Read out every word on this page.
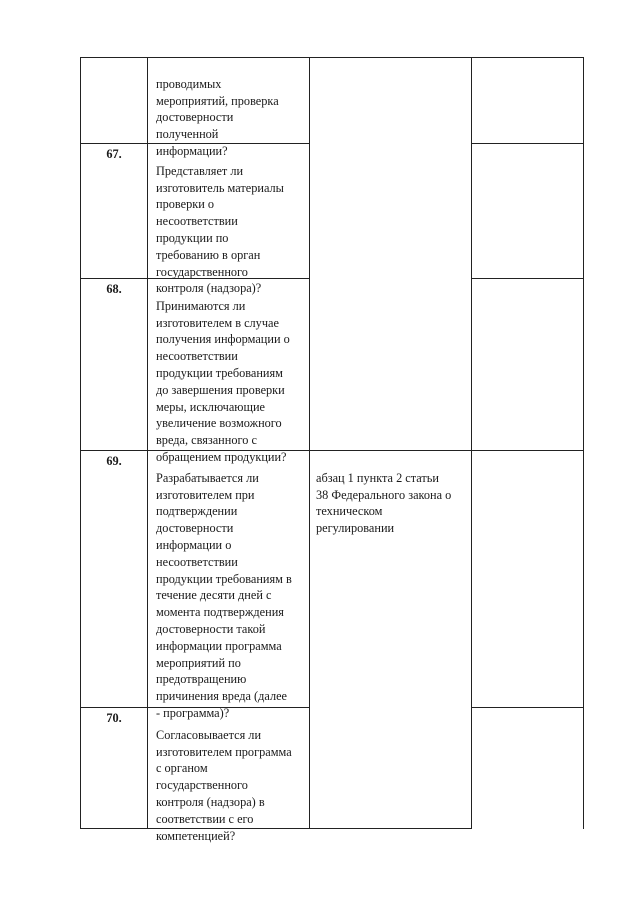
проводимых
мероприятий, проверка
достоверности
полученной
информации?

67.

Представляет ли
изготовитель материалы
проверки о
несоответствии
продукции по
требованию в орган
государственного
контроля (надзора)?

68.

Принимаются ли
изготовителем в случае
получения информации о
несоответствии
продукции требованиям
до завершения проверки
меры, исключающие
увеличение возможного
вреда, связанного с
обращением продукции?

69.

Разрабатывается ли
изготовителем при
подтверждении
достоверности
информации о
несоответствии
продукции требованиям в
течение десяти дней с
момента подтверждения
достоверности такой
информации программа
мероприятий по
предотвращению
причинения вреда (далее
- программа)?

абзац 1 пункта 2 статьи
38 Федерального закона о
техническом
регулировании

70.

Согласовывается ли
изготовителем программа
с органом
государственного
контроля (надзора) в
соответствии с его
компетенцией?
